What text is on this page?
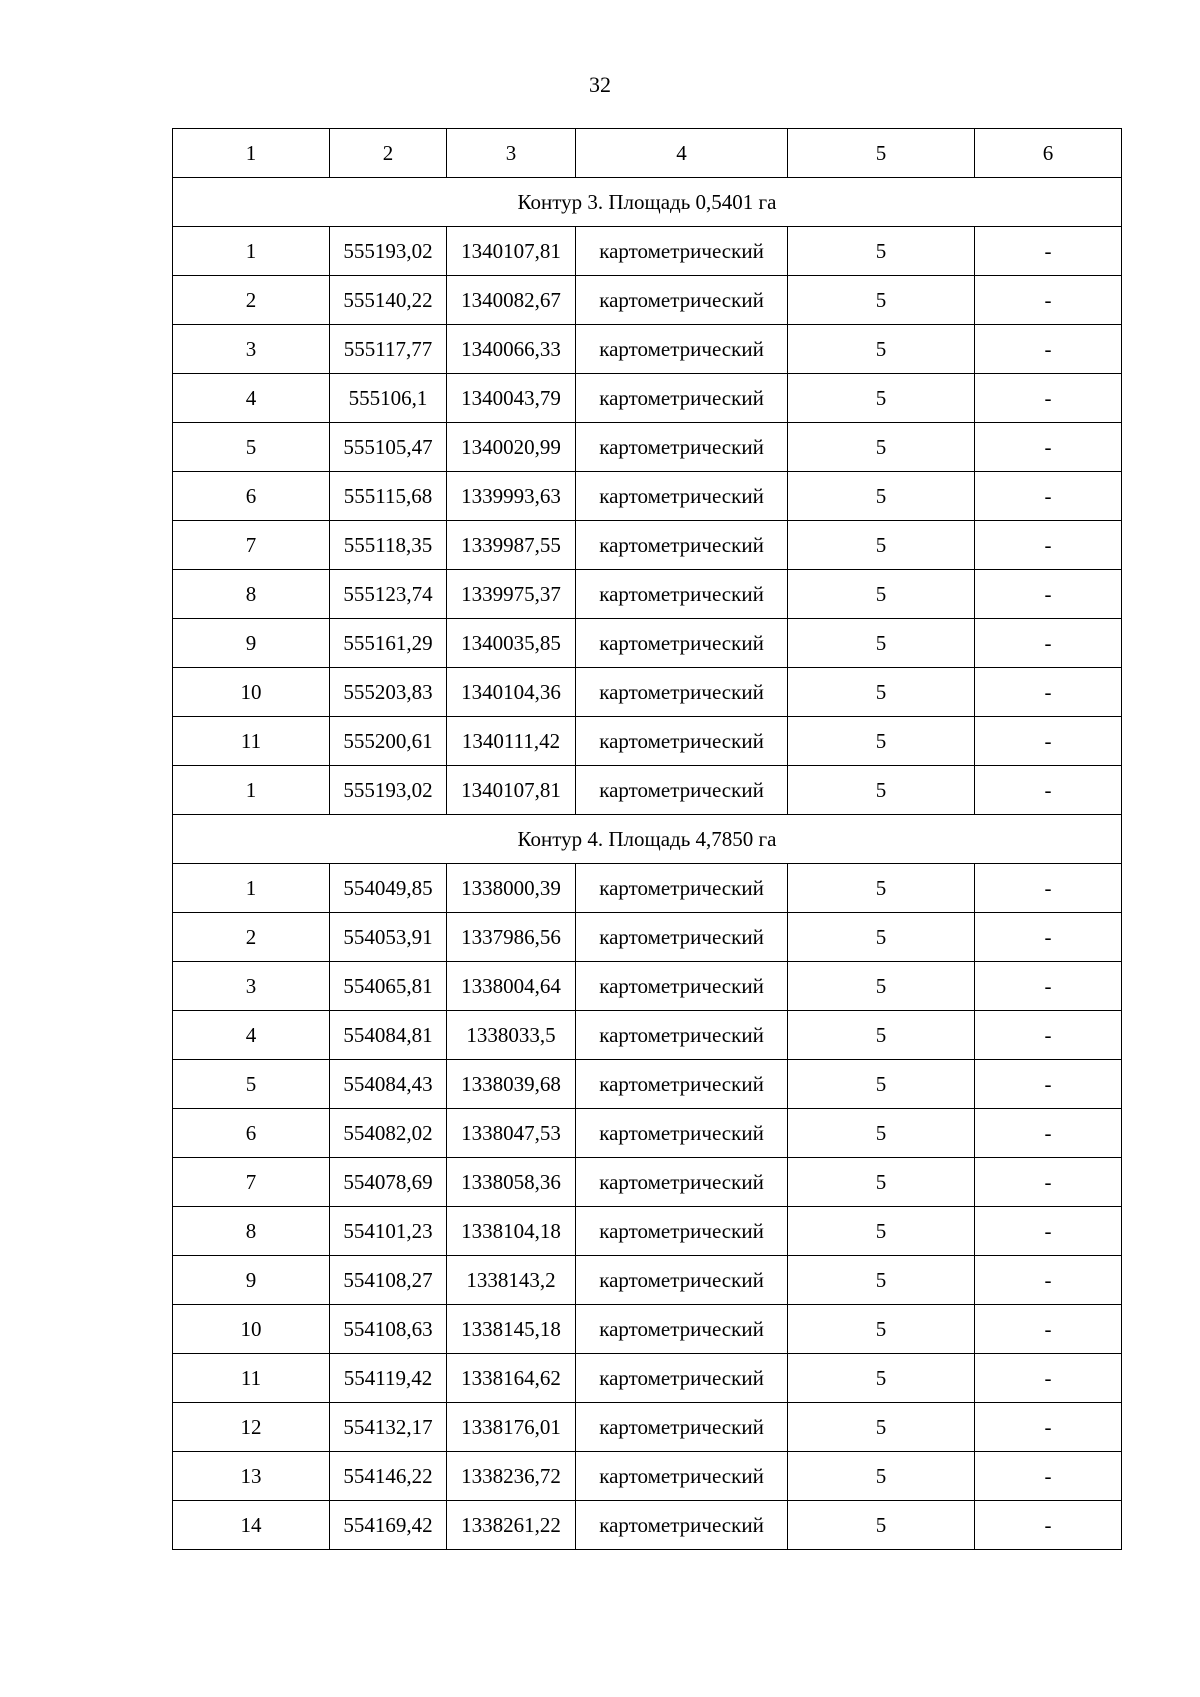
32
1	2	3	4	5	6
Контур 3. Площадь 0,5401 га					
1	555193,02	1340107,81	картометрический	5	-
2	555140,22	1340082,67	картометрический	5	-
3	555117,77	1340066,33	картометрический	5	-
4	555106,1	1340043,79	картометрический	5	-
5	555105,47	1340020,99	картометрический	5	-
6	555115,68	1339993,63	картометрический	5	-
7	555118,35	1339987,55	картометрический	5	-
8	555123,74	1339975,37	картометрический	5	-
9	555161,29	1340035,85	картометрический	5	-
10	555203,83	1340104,36	картометрический	5	-
11	555200,61	1340111,42	картометрический	5	-
1	555193,02	1340107,81	картометрический	5	-
Контур 4. Площадь 4,7850 га					
1	554049,85	1338000,39	картометрический	5	-
2	554053,91	1337986,56	картометрический	5	-
3	554065,81	1338004,64	картометрический	5	-
4	554084,81	1338033,5	картометрический	5	-
5	554084,43	1338039,68	картометрический	5	-
6	554082,02	1338047,53	картометрический	5	-
7	554078,69	1338058,36	картометрический	5	-
8	554101,23	1338104,18	картометрический	5	-
9	554108,27	1338143,2	картометрический	5	-
10	554108,63	1338145,18	картометрический	5	-
11	554119,42	1338164,62	картометрический	5	-
12	554132,17	1338176,01	картометрический	5	-
13	554146,22	1338236,72	картометрический	5	-
14	554169,42	1338261,22	картометрический	5	-
